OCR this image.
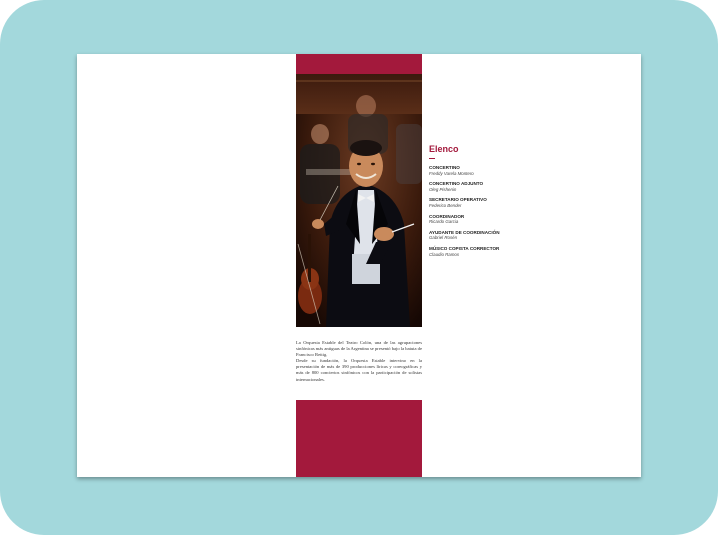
La Orquesta Estable del Teatro Colón, una de las agrupaciones sinfónicas más antiguas de la Argentina se presentó bajo la batuta de Francisco Rettig.

Desde su fundación, la Orquesta Estable intervino en la presentación de más de 390 producciones líricas y coreográficas y más de 800 conciertos sinfónicos con la participación de solistas internacionales.

Elenco

CONCERTINO
Freddy Varela Montero
CONCERTINO ADJUNTO
Oleg Pishenin
SECRETARIO OPERATIVO
Federico Bender
COORDINADOR
Ricardo Garcia
AYUDANTE DE COORDINACIÓN
Gabriel Rosén
MÚSICO COPISTA CORRECTOR
Claudio Ramos
